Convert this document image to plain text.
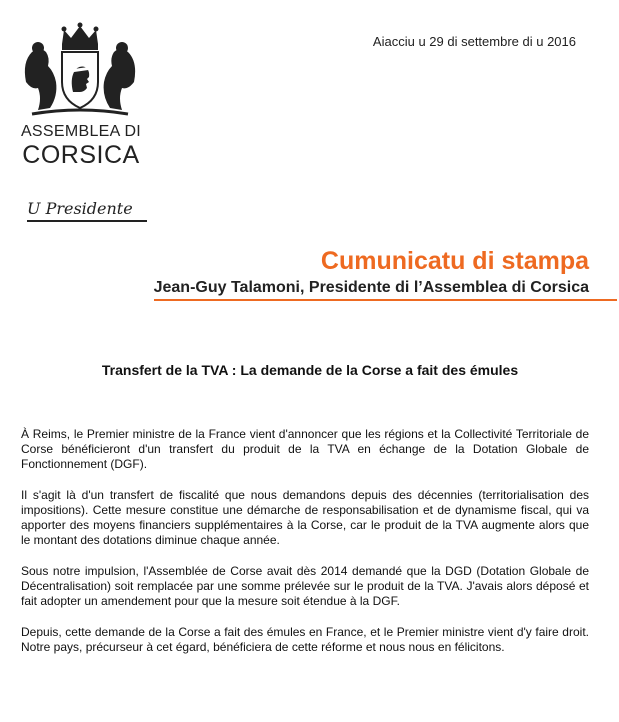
ASSEMBLEA DI
CORSICA
U Presidente
Aiacciu u 29 di settembre di u 2016
Cumunicatu di stampa
Jean-Guy Talamoni, Presidente di l’Assemblea di Corsica
Transfert de la TVA : La demande de la Corse a fait des émules

À Reims, le Premier ministre de la France vient d'annoncer que les régions et la Collectivité Territoriale de Corse bénéficieront d'un transfert du produit de la TVA en échange de la Dotation Globale de Fonctionnement (DGF).

Il s'agit là d'un transfert de fiscalité que nous demandons depuis des décennies (territorialisation des impositions). Cette mesure constitue une démarche de responsabilisation et de dynamisme fiscal, qui va apporter des moyens financiers supplémentaires à la Corse, car le produit de la TVA augmente alors que le montant des dotations diminue chaque année.

Sous notre impulsion, l'Assemblée de Corse avait dès 2014 demandé que la DGD (Dotation Globale de Décentralisation) soit remplacée par une somme prélevée sur le produit de la TVA. J'avais alors déposé et fait adopter un amendement pour que la mesure soit étendue à la DGF.

Depuis, cette demande de la Corse a fait des émules en France, et le Premier ministre vient d'y faire droit. Notre pays, précurseur à cet égard, bénéficiera de cette réforme et nous nous en félicitons.
